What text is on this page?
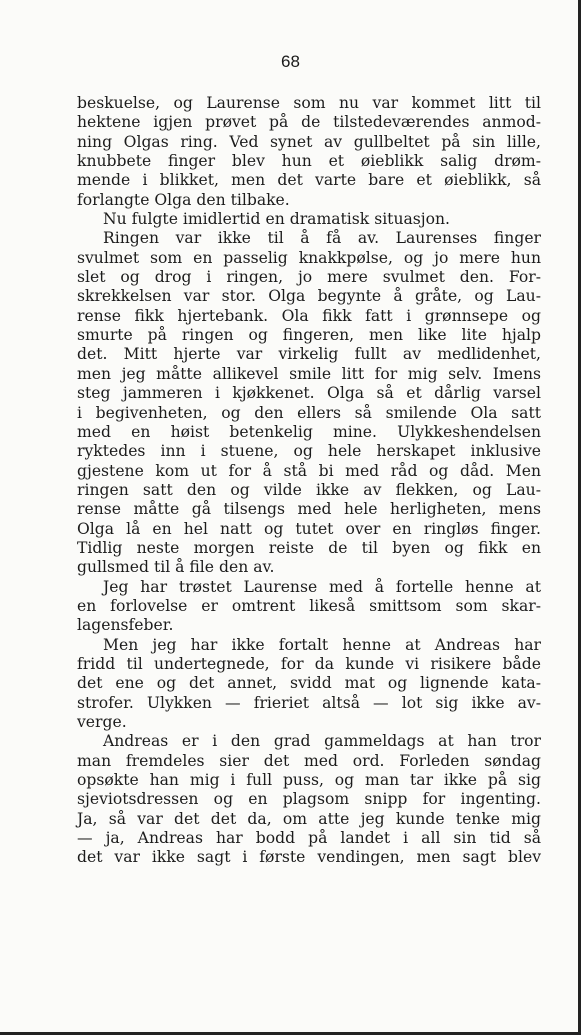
68
beskuelse, og Laurense som nu var kommet litt til
hektene igjen prøvet på de tilstedeværendes anmod-
ning Olgas ring. Ved synet av gullbeltet på sin lille,
knubbete finger blev hun et øieblikk salig drøm-
mende i blikket, men det varte bare et øieblikk, så
forlangte Olga den tilbake.
Nu fulgte imidlertid en dramatisk situasjon.
Ringen var ikke til å få av. Laurenses finger
svulmet som en passelig knakkpølse, og jo mere hun
slet og drog i ringen, jo mere svulmet den. For-
skrekkelsen var stor. Olga begynte å gråte, og Lau-
rense fikk hjertebank. Ola fikk fatt i grønnsepe og
smurte på ringen og fingeren, men like lite hjalp
det. Mitt hjerte var virkelig fullt av medlidenhet,
men jeg måtte allikevel smile litt for mig selv. Imens
steg jammeren i kjøkkenet. Olga så et dårlig varsel
i begivenheten, og den ellers så smilende Ola satt
med en høist betenkelig mine. Ulykkeshendelsen
ryktedes inn i stuene, og hele herskapet inklusive
gjestene kom ut for å stå bi med råd og dåd. Men
ringen satt den og vilde ikke av flekken, og Lau-
rense måtte gå tilsengs med hele herligheten, mens
Olga lå en hel natt og tutet over en ringløs finger.
Tidlig neste morgen reiste de til byen og fikk en
gullsmed til å file den av.
Jeg har trøstet Laurense med å fortelle henne at
en forlovelse er omtrent likeså smittsom som skar-
lagensfeber.
Men jeg har ikke fortalt henne at Andreas har
fridd til undertegnede, for da kunde vi risikere både
det ene og det annet, svidd mat og lignende kata-
strofer. Ulykken — frieriet altså — lot sig ikke av-
verge.
Andreas er i den grad gammeldags at han tror
man fremdeles sier det med ord. Forleden søndag
opsøkte han mig i full puss, og man tar ikke på sig
sjeviotsdressen og en plagsom snipp for ingenting.
Ja, så var det det da, om atte jeg kunde tenke mig
— ja, Andreas har bodd på landet i all sin tid så
det var ikke sagt i første vendingen, men sagt blev
